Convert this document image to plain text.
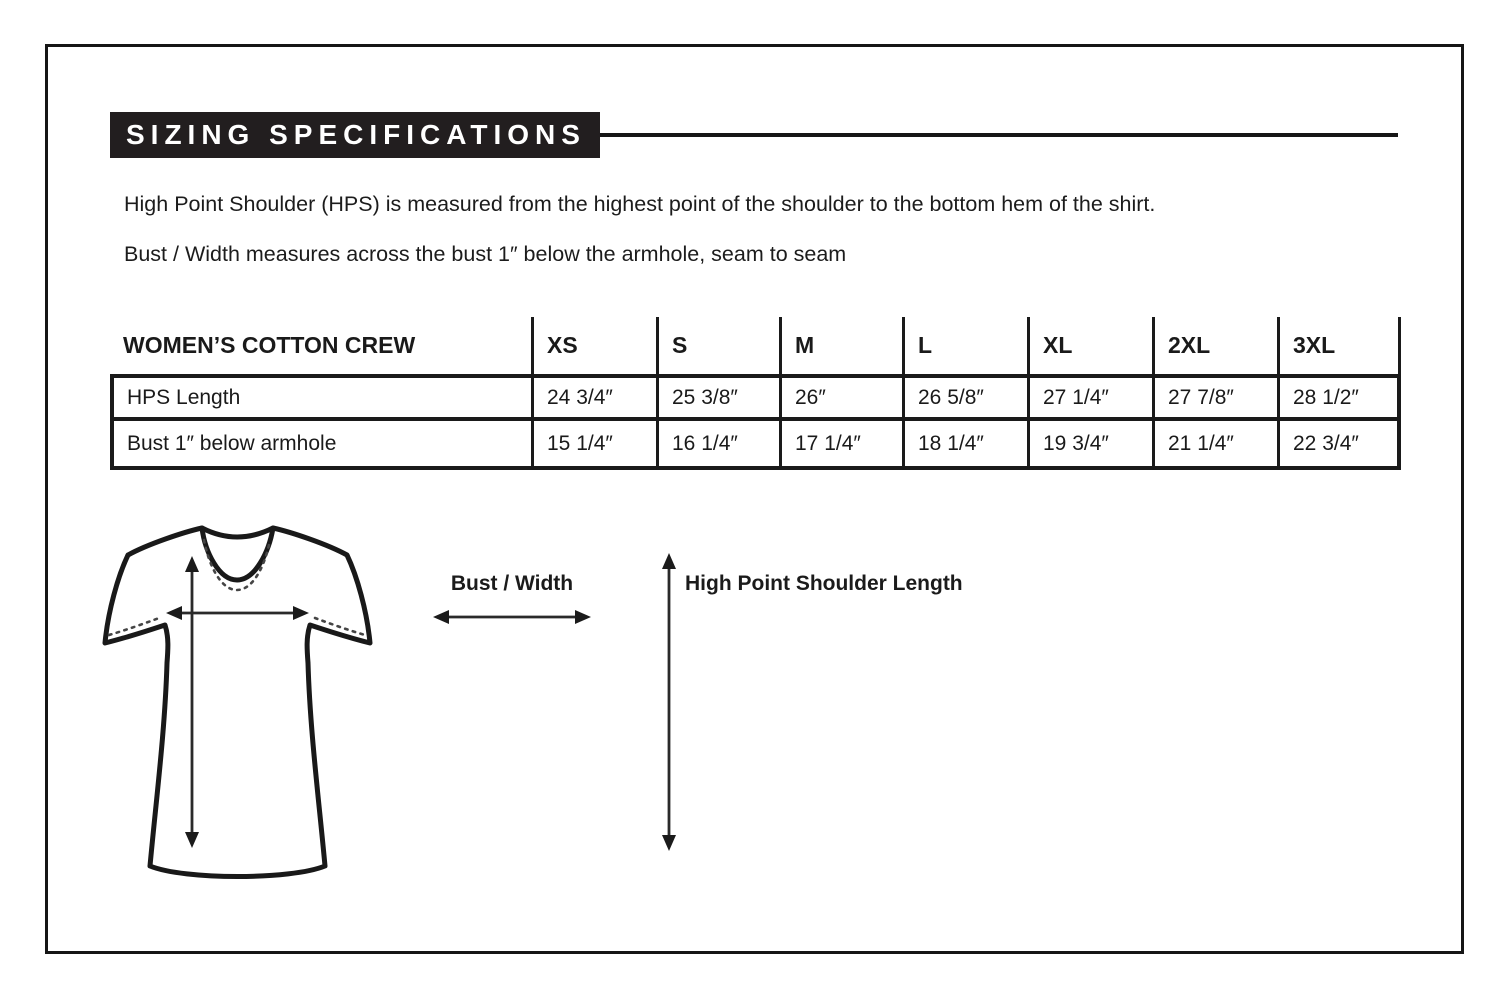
SIZING SPECIFICATIONS

High Point Shoulder (HPS) is measured from the highest point of the shoulder to the bottom hem of the shirt.

Bust / Width measures across the bust 1″ below the armhole, seam to seam

WOMEN’S COTTON CREW	XS	S	M	L	XL	2XL	3XL
HPS Length	24 3/4″	25 3/8″	26″	26 5/8″	27 1/4″	27 7/8″	28 1/2″
Bust 1″ below armhole	15 1/4″	16 1/4″	17 1/4″	18 1/4″	19 3/4″	21 1/4″	22 3/4″
Bust / Width	High Point Shoulder Length
